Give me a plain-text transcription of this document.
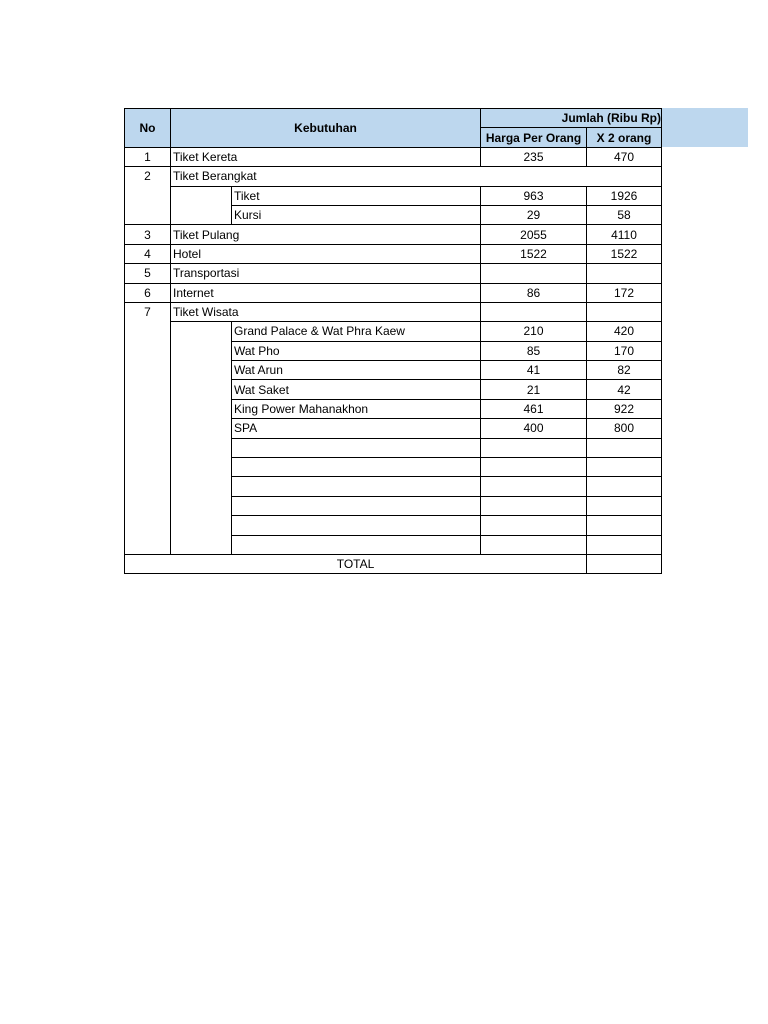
No	Kebutuhan		Jumlah (Ribu Rp)	
			Harga Per Orang	X 2 orang
1	Tiket Kereta		235	470
2	Tiket Berangkat			
		Tiket	963	1926
		Kursi	29	58
3	Tiket Pulang		2055	4110
4	Hotel		1522	1522
5	Transportasi			
6	Internet		86	172
7	Tiket Wisata			
		Grand Palace & Wat Phra Kaew	210	420
		Wat Pho	85	170
		Wat Arun	41	82
		Wat Saket	21	42
		King Power Mahanakhon	461	922
		SPA	400	800

TOTAL				
